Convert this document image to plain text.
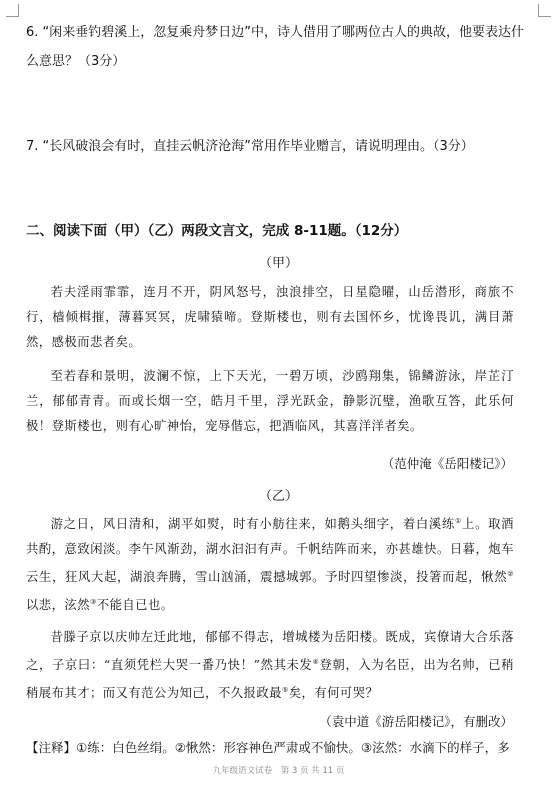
6. “闲来垂钓碧溪上，忽复乘舟梦日边”中，诗人借用了哪两位古人的典故，他要表达什么意思？（3分）
7. “长风破浪会有时，直挂云帆济沧海”常用作毕业赠言，请说明理由。（3分）
二、阅读下面（甲）（乙）两段文言文，完成 8-11题。（12分）
（甲）
若夫淫雨霏霏，连月不开，阴风怒号，浊浪排空，日星隐曜，山岳潜形，商旅不行，樯倾楫摧，薄暮冥冥，虎啸猿啼。登斯楼也，则有去国怀乡，忧谗畏讥，满目萧然，感极而悲者矣。
至若春和景明，波澜不惊，上下天光，一碧万顷，沙鸥翔集，锦鳞游泳，岸芷汀兰，郁郁青青。而或长烟一空，皓月千里，浮光跃金，静影沉璧，渔歌互答，此乐何极！登斯楼也，则有心旷神怡，宠辱偕忘，把酒临风，其喜洋洋者矣。
（范仲淹《岳阳楼记》）
（乙）
游之日，风日清和，湖平如熨，时有小舫往来，如鹅头细字，着白溪练①上。取酒共酌，意致闲淡。李午风渐劲，湖水汩汩有声。千帆结阵而来，亦甚雄快。日暮，炮车云生，狂风大起，湖浪奔腾，雪山汹涌，震撼城郭。予时四望惨淡，投箸而起，愀然②以悲，泫然③不能自已也。
昔滕子京以庆帅左迁此地，郁郁不得志，增城楼为岳阳楼。既成，宾僚请大合乐落之，子京曰：“直须凭栏大哭一番乃快！”然其未发④登朝，入为名臣，出为名帅，已稍稍展布其才；而又有范公为知己，不久报政最⑤矣，有何可哭？
（袁中道《游岳阳楼记》，有删改）
【注释】①练：白色丝绢。②愀然：形容神色严肃或不愉快。③泫然：水滴下的样子，多
九年级语文试卷　第 3 页 共 11 页
